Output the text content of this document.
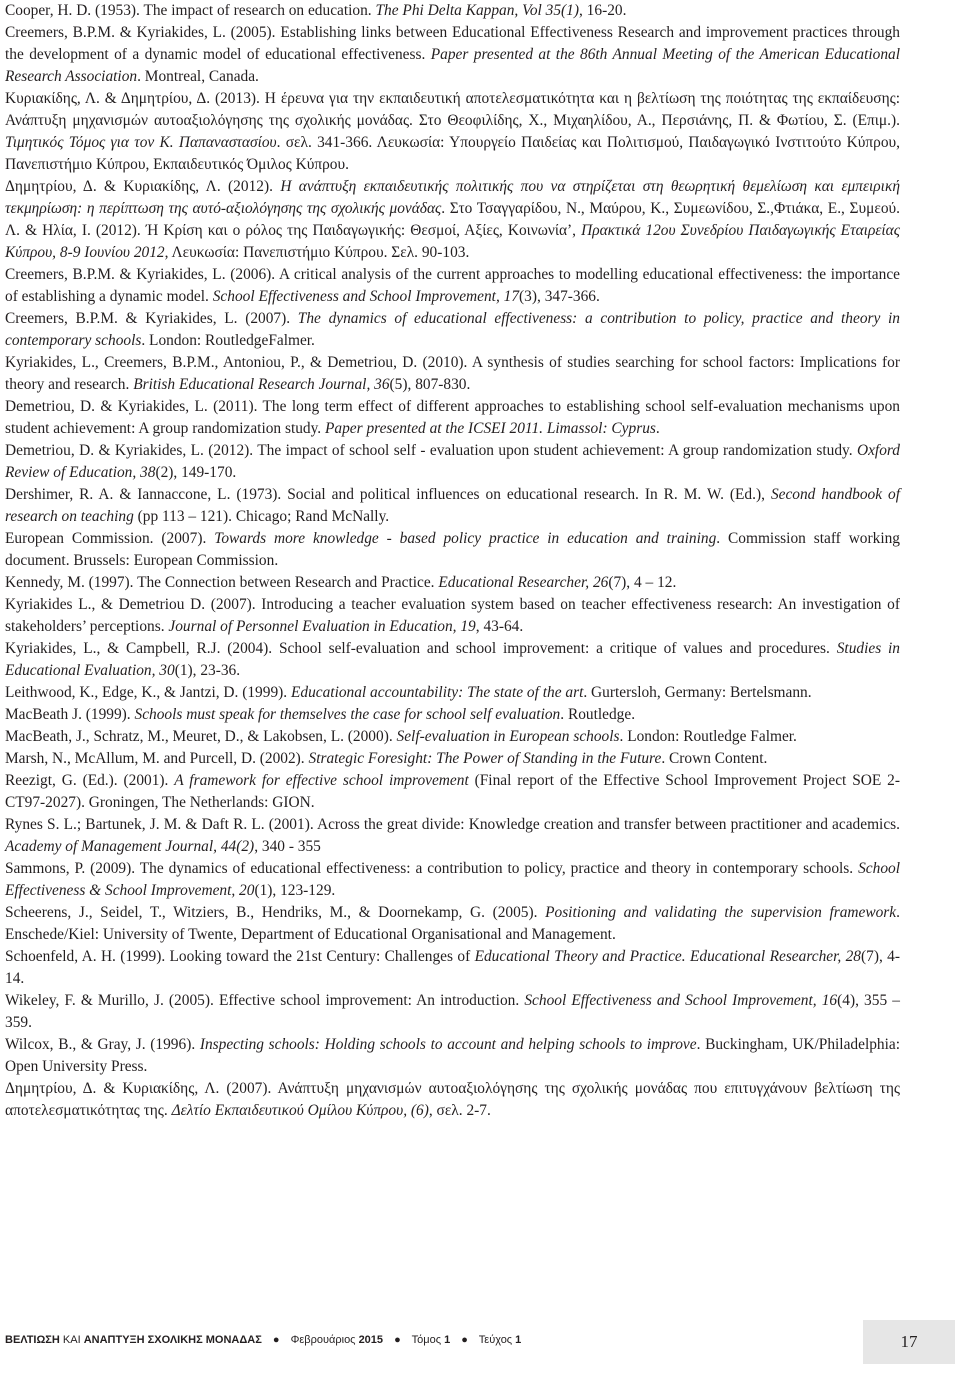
Cooper, H. D. (1953). The impact of research on education. The Phi Delta Kappan, Vol 35(1), 16-20.
Creemers, B.P.M. & Kyriakides, L. (2005). Establishing links between Educational Effectiveness Research and improvement practices through the development of a dynamic model of educational effectiveness. Paper presented at the 86th Annual Meeting of the American Educational Research Association. Montreal, Canada.
Κυριακίδης, Λ. & Δημητρίου, Δ. (2013). Η έρευνα για την εκπαιδευτική αποτελεσματικότητα και η βελτίωση της ποιότητας της εκπαίδευσης: Ανάπτυξη μηχανισμών αυτοαξιολόγησης της σχολικής μονάδας. Στο Θεοφιλίδης, Χ., Μιχαηλίδου, Α., Περσιάνης, Π. & Φωτίου, Σ. (Επιμ.). Τιμητικός Τόμος για τον Κ. Παπαναστασίου. σελ. 341-366. Λευκωσία: Υπουργείο Παιδείας και Πολιτισμού, Παιδαγωγικό Ινστιτούτο Κύπρου, Πανεπιστήμιο Κύπρου, Εκπαιδευτικός Όμιλος Κύπρου.
Δημητρίου, Δ. & Κυριακίδης, Λ. (2012). Η ανάπτυξη εκπαιδευτικής πολιτικής που να στηρίζεται στη θεωρητική θεμελίωση και εμπειρική τεκμηρίωση: η περίπτωση της αυτό-αξιολόγησης της σχολικής μονάδας. Στο Τσαγγαρίδου, Ν., Μαύρου, Κ., Συμεωνίδου, Σ.,Φτιάκα, Ε., Συμεού. Λ. & Ηλία, Ι. (2012). Ή Κρίση και ο ρόλος της Παιδαγωγικής: Θεσμοί, Αξίες, Κοινωνία’, Πρακτικά 12ου Συνεδρίου Παιδαγωγικής Εταιρείας Κύπρου, 8-9 Ιουνίου 2012, Λευκωσία: Πανεπιστήμιο Κύπρου. Σελ. 90-103.
Creemers, B.P.M. & Kyriakides, L. (2006). A critical analysis of the current approaches to modelling educational effectiveness: the importance of establishing a dynamic model. School Effectiveness and School Improvement, 17(3), 347-366.
Creemers, B.P.M. & Kyriakides, L. (2007). The dynamics of educational effectiveness: a contribution to policy, practice and theory in contemporary schools. London: RoutledgeFalmer.
Kyriakides, L., Creemers, B.P.M., Antoniou, P., & Demetriou, D. (2010). A synthesis of studies searching for school factors: Implications for theory and research. British Educational Research Journal, 36(5), 807-830.
Demetriou, D. & Kyriakides, L. (2011). The long term effect of different approaches to establishing school self-evaluation mechanisms upon student achievement: A group randomization study. Paper presented at the ICSEI 2011. Limassol: Cyprus.
Demetriou, D. & Kyriakides, L. (2012). The impact of school self - evaluation upon student achievement: A group randomization study. Oxford Review of Education, 38(2), 149-170.
Dershimer, R. A. & Iannaccone, L. (1973). Social and political influences on educational research. In R. M. W. (Ed.), Second handbook of research on teaching (pp 113 – 121). Chicago; Rand McNally.
European Commission. (2007). Towards more knowledge - based policy practice in education and training. Commission staff working document. Brussels: European Commission.
Kennedy, M. (1997). The Connection between Research and Practice. Educational Researcher, 26(7), 4 – 12.
Kyriakides L., & Demetriou D. (2007). Introducing a teacher evaluation system based on teacher effectiveness research: An investigation of stakeholders’ perceptions. Journal of Personnel Evaluation in Education, 19, 43-64.
Kyriakides, L., & Campbell, R.J. (2004). School self-evaluation and school improvement: a critique of values and procedures. Studies in Educational Evaluation, 30(1), 23-36.
Leithwood, K., Edge, K., & Jantzi, D. (1999). Educational accountability: The state of the art. Gurtersloh, Germany: Bertelsmann.
MacBeath J. (1999). Schools must speak for themselves the case for school self evaluation. Routledge.
MacBeath, J., Schratz, M., Meuret, D., & Lakobsen, L. (2000). Self-evaluation in European schools. London: Routledge Falmer.
Marsh, N., McAllum, M. and Purcell, D. (2002). Strategic Foresight: The Power of Standing in the Future. Crown Content.
Reezigt, G. (Ed.). (2001). A framework for effective school improvement (Final report of the Effective School Improvement Project SOE 2-CT97-2027). Groningen, The Netherlands: GION.
Rynes S. L.; Bartunek, J. M. & Daft R. L. (2001). Across the great divide: Knowledge creation and transfer between practitioner and academics. Academy of Management Journal, 44(2), 340 - 355
Sammons, P. (2009). The dynamics of educational effectiveness: a contribution to policy, practice and theory in contemporary schools. School Effectiveness & School Improvement, 20(1), 123-129.
Scheerens, J., Seidel, T., Witziers, B., Hendriks, M., & Doornekamp, G. (2005). Positioning and validating the supervision framework. Enschede/Kiel: University of Twente, Department of Educational Organisational and Management.
Schoenfeld, A. H. (1999). Looking toward the 21st Century: Challenges of Educational Theory and Practice. Educational Researcher, 28(7), 4-14.
Wikeley, F. & Murillo, J. (2005). Effective school improvement: An introduction. School Effectiveness and School Improvement, 16(4), 355 – 359.
Wilcox, B., & Gray, J. (1996). Inspecting schools: Holding schools to account and helping schools to improve. Buckingham, UK/Philadelphia: Open University Press.
Δημητρίου, Δ. & Κυριακίδης, Λ. (2007). Ανάπτυξη μηχανισμών αυτοαξιολόγησης της σχολικής μονάδας που επιτυγχάνουν βελτίωση της αποτελεσματικότητας της. Δελτίο Εκπαιδευτικού Ομίλου Κύπρου, (6), σελ. 2-7.
ΒΕΛΤΙΩΣΗ ΚΑΙ ΑΝΑΠΤΥΞΗ ΣΧΟΛΙΚΗΣ ΜΟΝΑΔΑΣ ● Φεβρουάριος 2015 ● Τόμος 1 ● Τεύχος 1	17
